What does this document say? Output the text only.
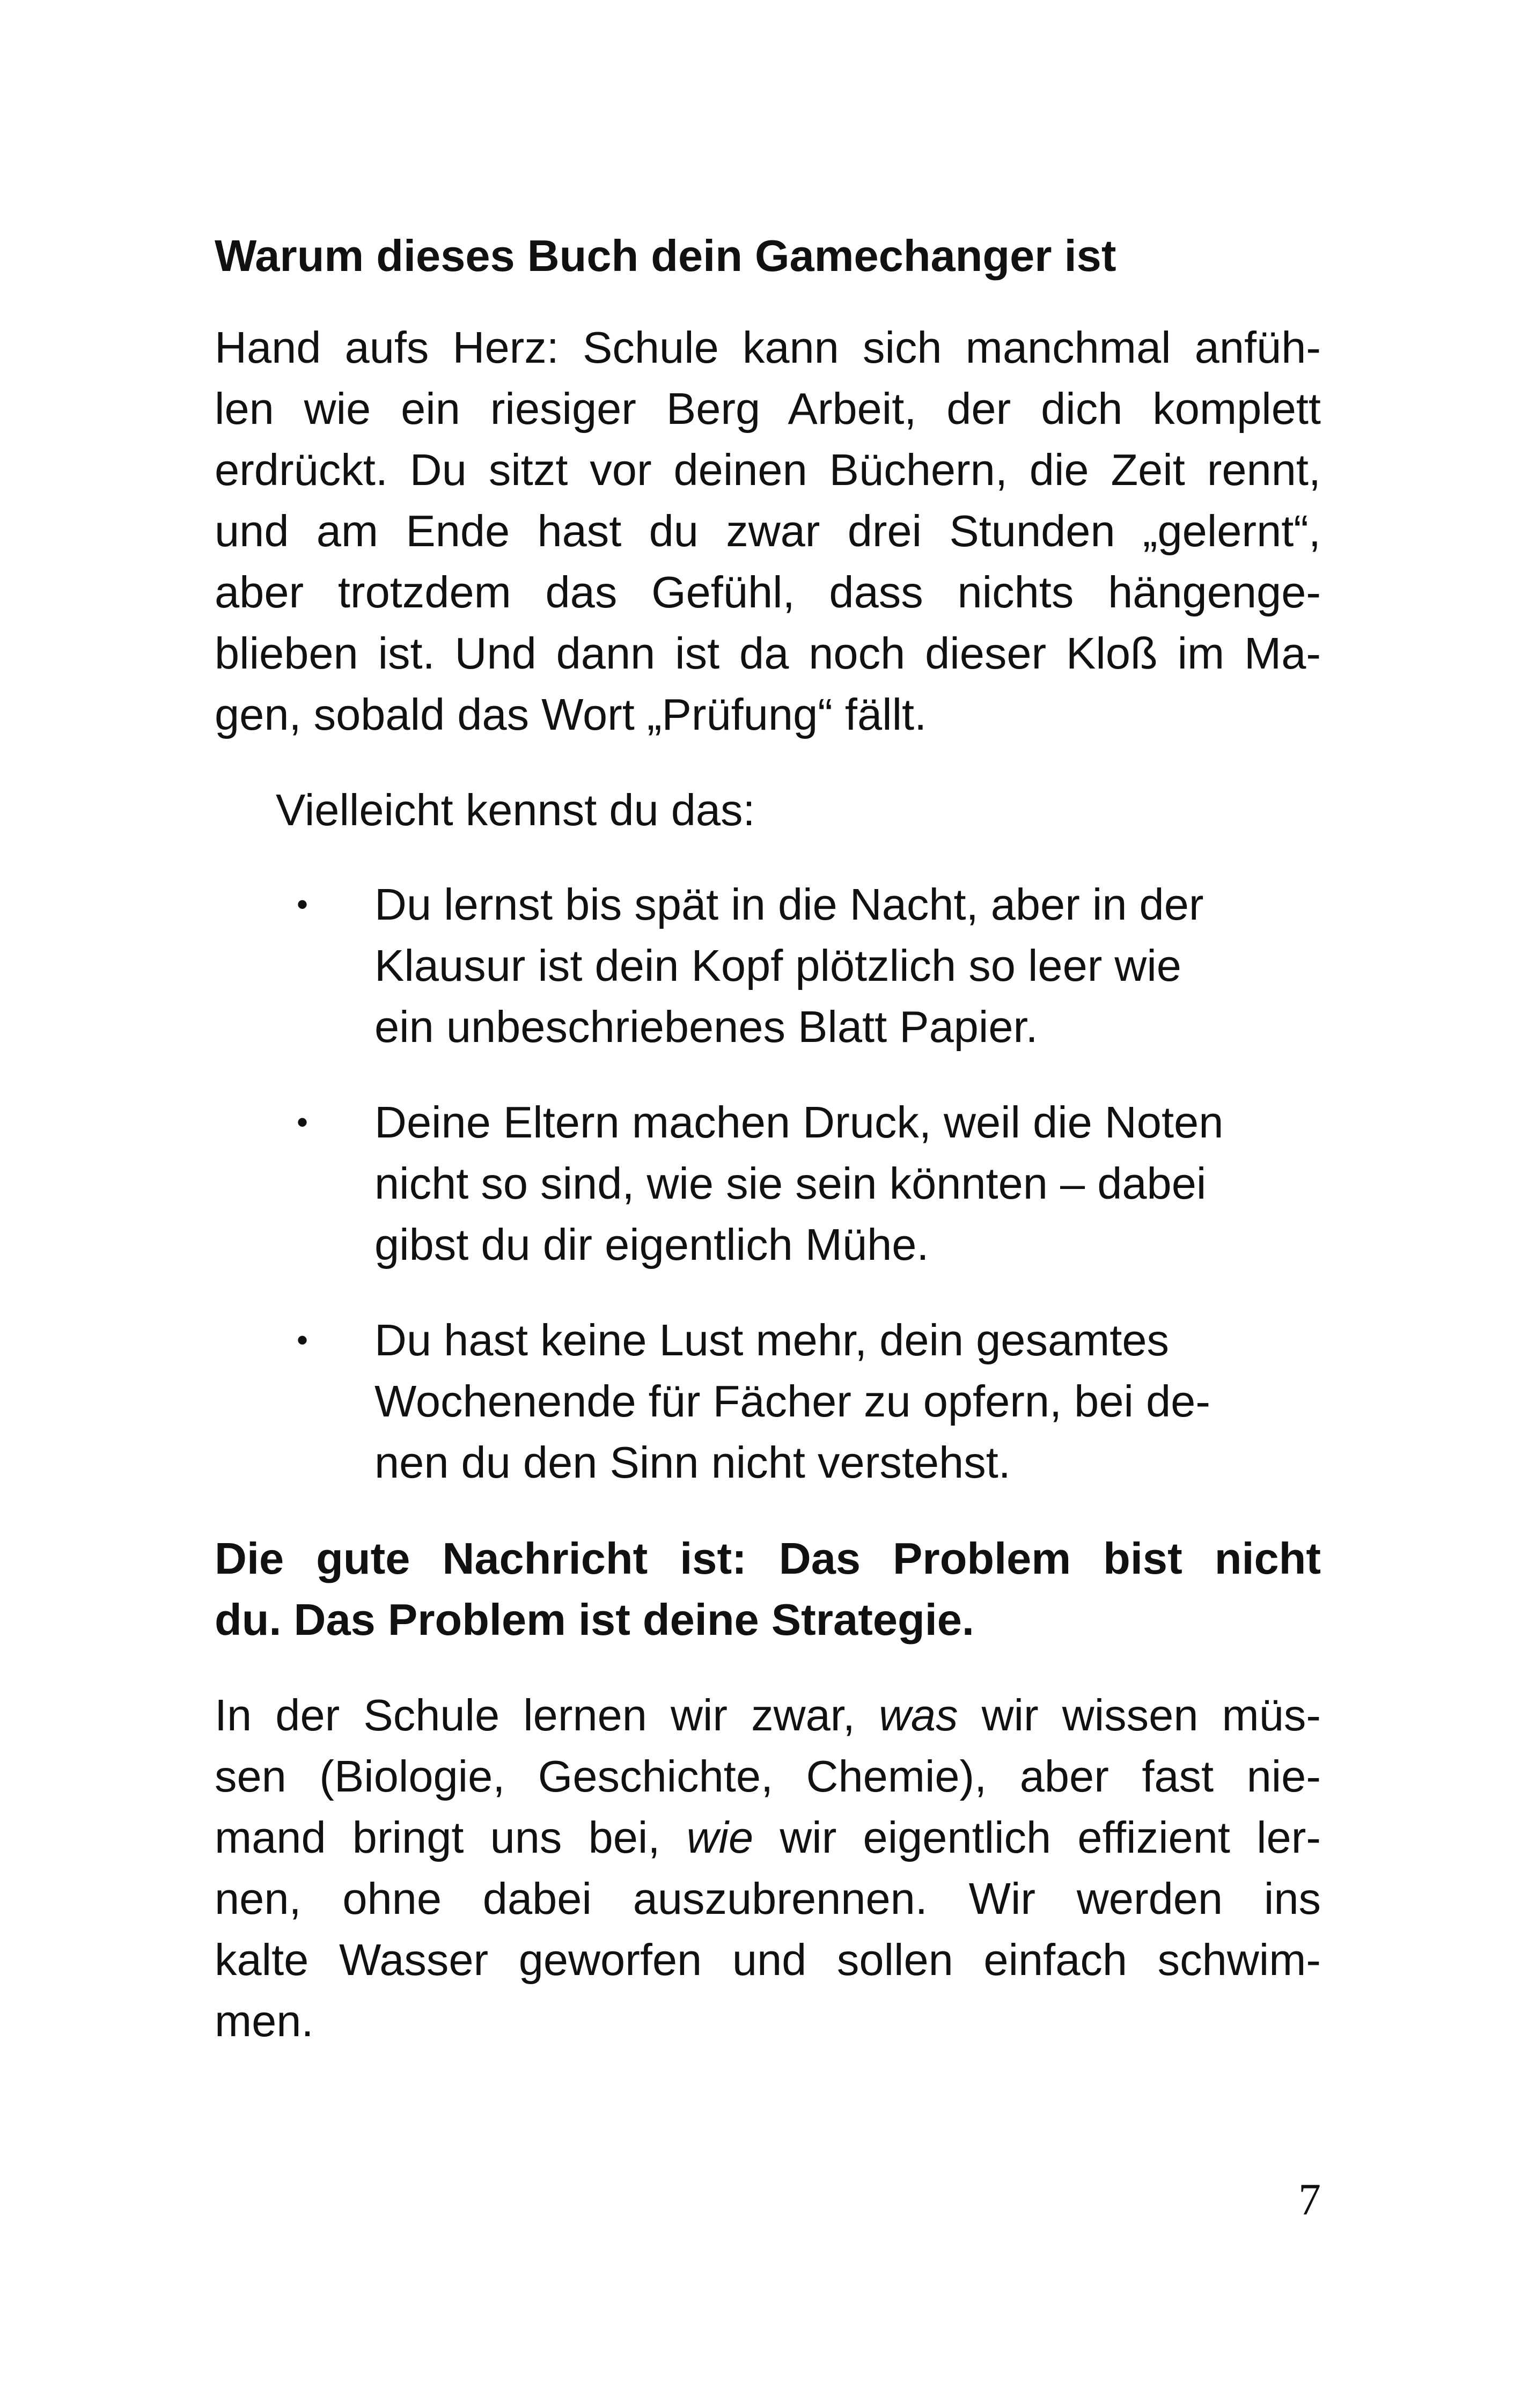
Warum dieses Buch dein Gamechanger ist
Hand aufs Herz: Schule kann sich manchmal anfüh-
len wie ein riesiger Berg Arbeit, der dich komplett
erdrückt. Du sitzt vor deinen Büchern, die Zeit rennt,
und am Ende hast du zwar drei Stunden „gelernt“,
aber trotzdem das Gefühl, dass nichts hängenge-
blieben ist. Und dann ist da noch dieser Kloß im Ma-
gen, sobald das Wort „Prüfung“ fällt.
Vielleicht kennst du das:
• Du lernst bis spät in die Nacht, aber in der
Klausur ist dein Kopf plötzlich so leer wie
ein unbeschriebenes Blatt Papier.
• Deine Eltern machen Druck, weil die Noten
nicht so sind, wie sie sein könnten – dabei
gibst du dir eigentlich Mühe.
• Du hast keine Lust mehr, dein gesamtes
Wochenende für Fächer zu opfern, bei de-
nen du den Sinn nicht verstehst.
Die gute Nachricht ist: Das Problem bist nicht
du. Das Problem ist deine Strategie.
In der Schule lernen wir zwar, was wir wissen müs-
sen (Biologie, Geschichte, Chemie), aber fast nie-
mand bringt uns bei, wie wir eigentlich effizient ler-
nen, ohne dabei auszubrennen. Wir werden ins
kalte Wasser geworfen und sollen einfach schwim-
men.
7
